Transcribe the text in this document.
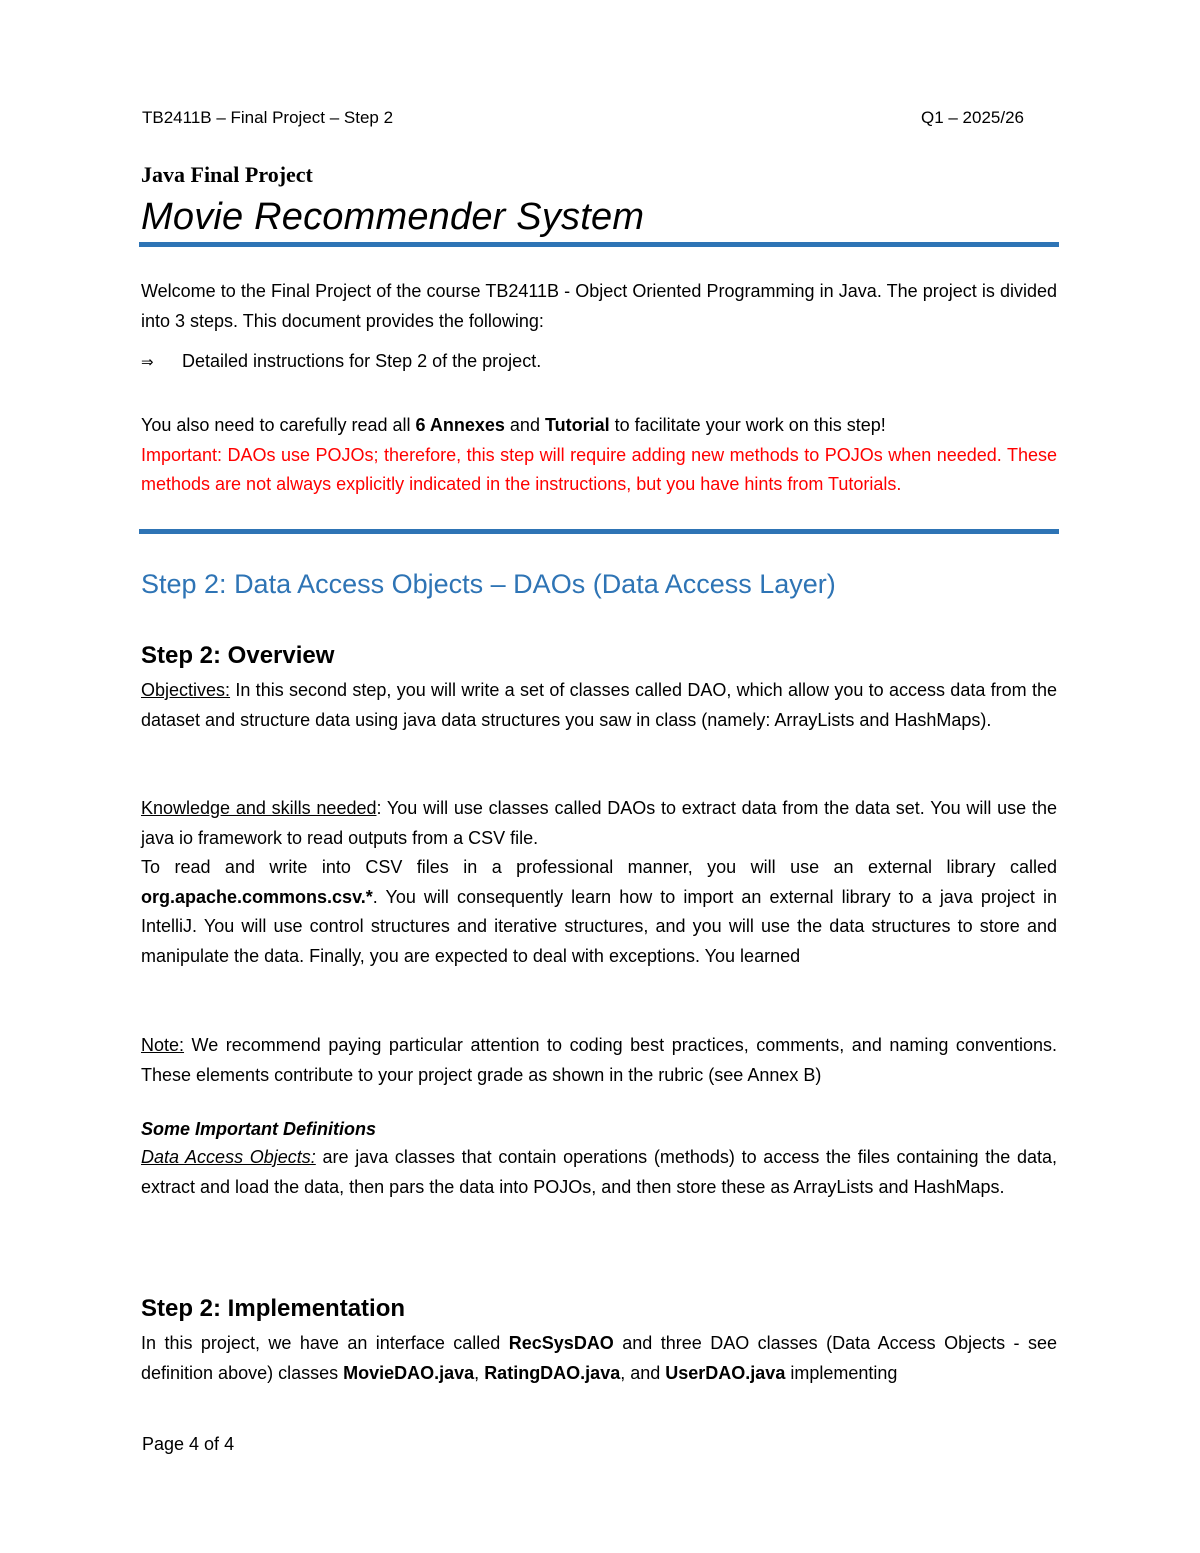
TB2411B – Final Project – Step 2	Q1 – 2025/26
Java Final Project
Movie Recommender System

Welcome to the Final Project of the course TB2411B - Object Oriented Programming in Java. The project is divided into 3 steps. This document provides the following:

⇒ Detailed instructions for Step 2 of the project.

You also need to carefully read all 6 Annexes and Tutorial to facilitate your work on this step!

Important: DAOs use POJOs; therefore, this step will require adding new methods to POJOs when needed. These methods are not always explicitly indicated in the instructions, but you have hints from Tutorials.

Step 2: Data Access Objects – DAOs (Data Access Layer)
Step 2: Overview

Objectives: In this second step, you will write a set of classes called DAO, which allow you to access data from the dataset and structure data using java data structures you saw in class (namely: ArrayLists and HashMaps).

Knowledge and skills needed: You will use classes called DAOs to extract data from the data set. You will use the java io framework to read outputs from a CSV file.

To read and write into CSV files in a professional manner, you will use an external library called org.apache.commons.csv.*. You will consequently learn how to import an external library to a java project in IntelliJ. You will use control structures and iterative structures, and you will use the data structures to store and manipulate the data. Finally, you are expected to deal with exceptions. You learned

Note: We recommend paying particular attention to coding best practices, comments, and naming conventions. These elements contribute to your project grade as shown in the rubric (see Annex B)

Some Important Definitions

Data Access Objects: are java classes that contain operations (methods) to access the files containing the data, extract and load the data, then pars the data into POJOs, and then store these as ArrayLists and HashMaps.

Step 2: Implementation

In this project, we have an interface called RecSysDAO and three DAO classes (Data Access Objects - see definition above) classes MovieDAO.java, RatingDAO.java, and UserDAO.java implementing

Page 4 of 4
